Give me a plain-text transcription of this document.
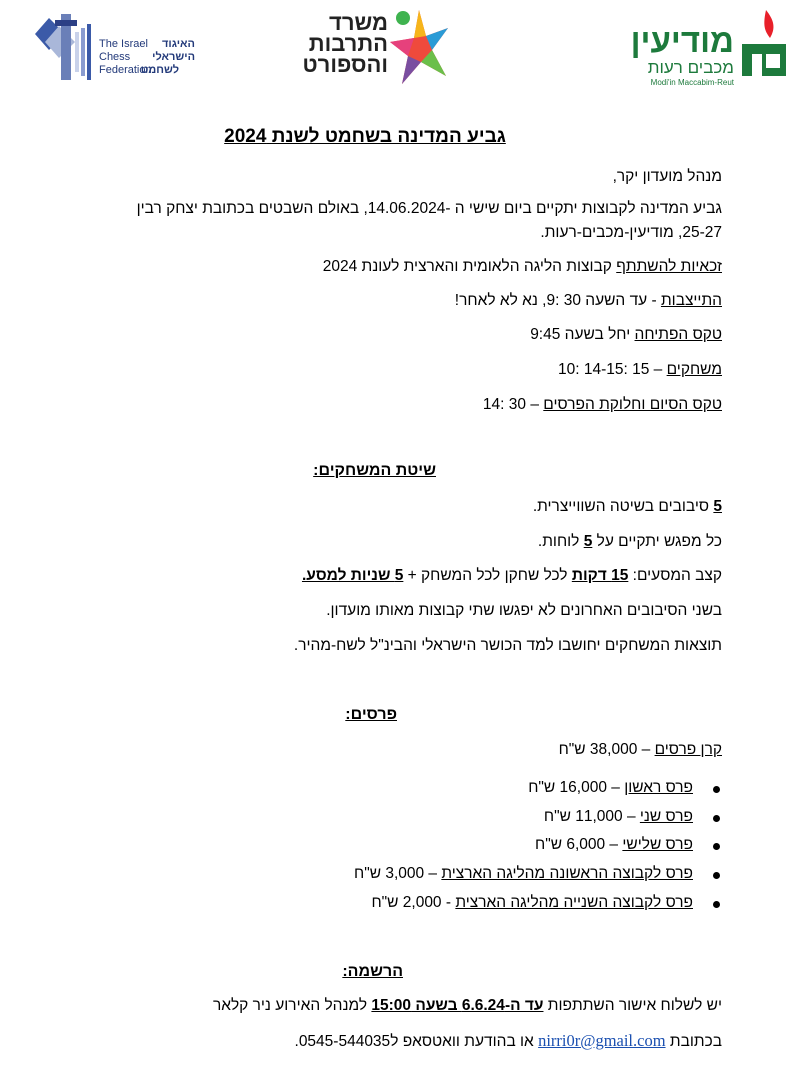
The Israel
Chess
Federation
האיגוד
הישראלי
לשחמט
משרד
התרבות
והספורט
מודיעין
מכבים רעות
Modi'in Maccabim-Reut
גביע המדינה בשחמט לשנת 2024
מנהל מועדון יקר,
גביע המדינה לקבוצות יתקיים ביום שישי ה -14.06.2024, באולם השבטים בכתובת יצחק רבין
25-27, מודיעין-מכבים-רעות.
זכאיות להשתתף קבוצות הליגה הלאומית והארצית לעונת 2024
התייצבות - עד השעה 30 :9, נא לא לאחר!
טקס הפתיחה יחל בשעה 9:45
משחקים – 15 :14-15 :10
טקס הסיום וחלוקת הפרסים – 30 :14
שיטת המשחקים:
5 סיבובים בשיטה השווייצרית.
כל מפגש יתקיים על 5 לוחות.
קצב המסעים: 15 דקות לכל שחקן לכל המשחק + 5 שניות למסע.
בשני הסיבובים האחרונים לא יפגשו שתי קבוצות מאותו מועדון.
תוצאות המשחקים יחושבו למד הכושר הישראלי והבינ"ל לשח-מהיר.
פרסים:
קרן פרסים – 38,000 ש"ח
פרס ראשון – 16,000 ש"ח
פרס שני – 11,000 ש"ח
פרס שלישי – 6,000 ש"ח
פרס לקבוצה הראשונה מהליגה הארצית – 3,000 ש"ח
פרס לקבוצה השנייה מהליגה הארצית - 2,000 ש"ח
הרשמה:
יש לשלוח אישור השתתפות עד ה-6.6.24 בשעה 15:00 למנהל האירוע ניר קלאר
בכתובת nirri0r@gmail.com או בהודעת וואטסאפ ל0545-544035.
